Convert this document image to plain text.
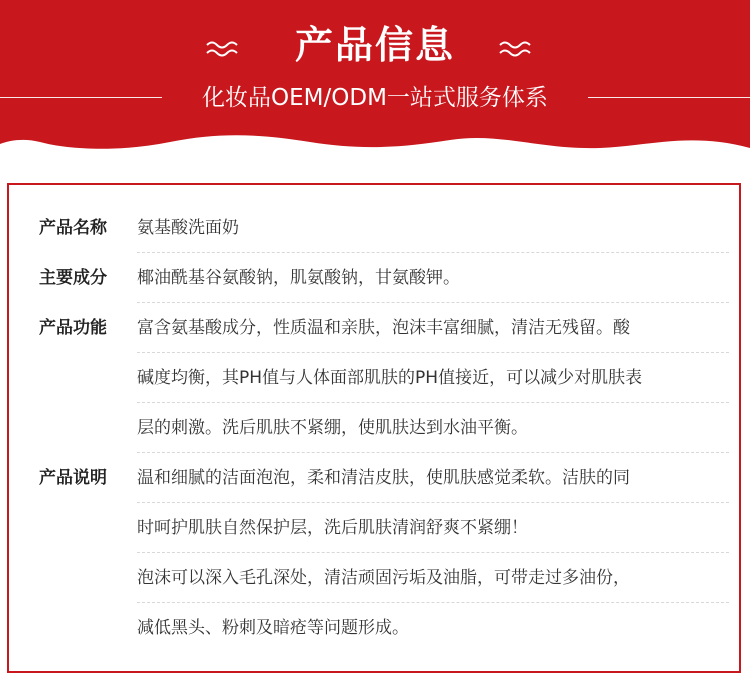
产品信息
化妆品OEM/ODM一站式服务体系
产品名称	氨基酸洗面奶
主要成分	椰油酰基谷氨酸钠，肌氨酸钠，甘氨酸钾。
产品功能	富含氨基酸成分，性质温和亲肤，泡沫丰富细腻，清洁无残留。酸
碱度均衡，其PH值与人体面部肌肤的PH值接近，可以减少对肌肤表
层的刺激。洗后肌肤不紧绷，使肌肤达到水油平衡。
产品说明	温和细腻的洁面泡泡，柔和清洁皮肤，使肌肤感觉柔软。洁肤的同
时呵护肌肤自然保护层，洗后肌肤清润舒爽不紧绷！
泡沫可以深入毛孔深处，清洁顽固污垢及油脂，可带走过多油份，
减低黑头、粉刺及暗疮等问题形成。
